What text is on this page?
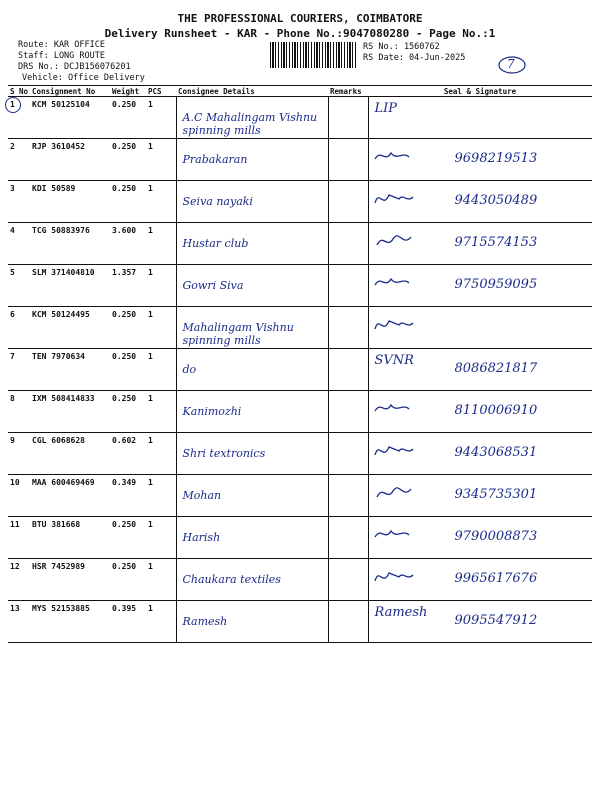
THE PROFESSIONAL COURIERS, COIMBATORE
Delivery Runsheet - KAR - Phone No.:9047080280 - Page No.:1
Route: KAR OFFICE
Staff: LONG ROUTE
DRS No.: DCJB156076201
Vehicle: Office Delivery
RS No.: 1560762
RS Date: 04-Jun-2025	7
S No	Consignment No	Weight	PCS	Consignee Details	Remarks	Seal & Signature
1	KCM 50125104	0.250	1	A.C Mahalingam Vishnu spinning mills		LIP

2	RJP 3610452	0.250	1	Prabakaran		9698219513

3	KDI 50589	0.250	1	Seiva nayaki		9443050489

4	TCG 50883976	3.600	1	Hustar club		9715574153

5	SLM 371404810	1.357	1	Gowri Siva		9750959095

6	KCM 50124495	0.250	1	Mahalingam Vishnu spinning mills

7	TEN 7970634	0.250	1	do		SVNR
8086821817

8	IXM 508414833	0.250	1	Kanimozhi		8110006910

9	CGL 6068628	0.602	1	Shri textronics		9443068531

10	MAA 600469469	0.349	1	Mohan		9345735301

11	BTU 381668	0.250	1	Harish		9790008873

12	HSR 7452989	0.250	1	Chaukara textiles		9965617676

13	MYS 52153885	0.395	1	Ramesh		Ramesh
9095547912
